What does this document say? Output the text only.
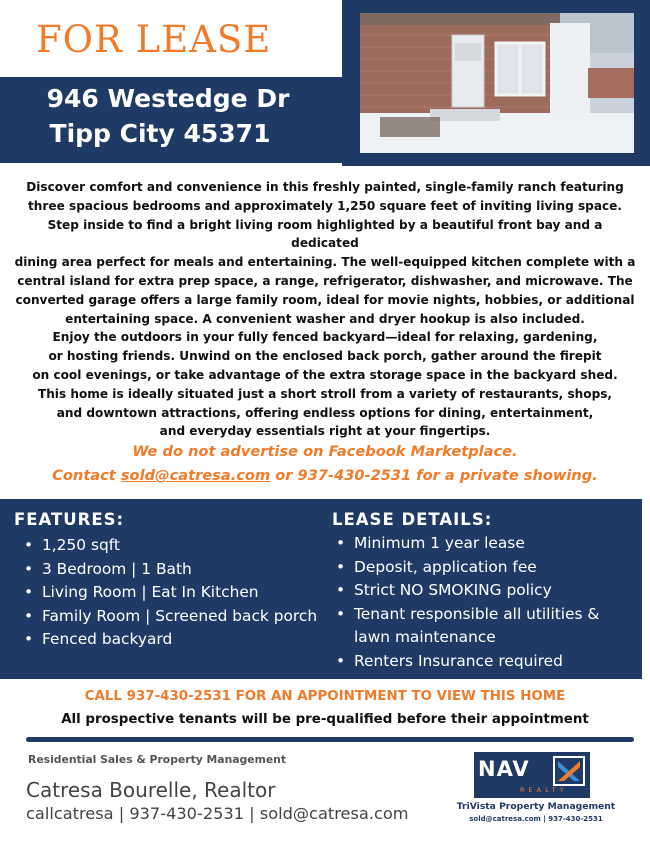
FOR LEASE
946 Westedge Dr
Tipp City 45371
Discover comfort and convenience in this freshly painted, single-family ranch featuring
three spacious bedrooms and approximately 1,250 square feet of inviting living space.
Step inside to find a bright living room highlighted by a beautiful front bay and a dedicated
dining area perfect for meals and entertaining. The well-equipped kitchen complete with a
central island for extra prep space, a range, refrigerator, dishwasher, and microwave. The
converted garage offers a large family room, ideal for movie nights, hobbies, or additional
entertaining space. A convenient washer and dryer hookup is also included.
Enjoy the outdoors in your fully fenced backyard—ideal for relaxing, gardening,
or hosting friends. Unwind on the enclosed back porch, gather around the firepit
on cool evenings, or take advantage of the extra storage space in the backyard shed.
This home is ideally situated just a short stroll from a variety of restaurants, shops,
and downtown attractions, offering endless options for dining, entertainment,
and everyday essentials right at your fingertips.
We do not advertise on Facebook Marketplace.
Contact sold@catresa.com or 937-430-2531 for a private showing.
FEATURES:	LEASE DETAILS:
• 1,250 sqft
• 3 Bedroom | 1 Bath
• Living Room | Eat In Kitchen
• Family Room | Screened back porch
• Fenced backyard
• Minimum 1 year lease
• Deposit, application fee
• Strict NO SMOKING policy
• Tenant responsible all utilities & lawn maintenance
• Renters Insurance required
CALL 937-430-2531 FOR AN APPOINTMENT TO VIEW THIS HOME
All prospective tenants will be pre-qualified before their appointment
Residential Sales & Property Management
Catresa Bourelle, Realtor
callcatresa | 937-430-2531 | sold@catresa.com
NAV
REALTY
TriVista Property Management
sold@catresa.com | 937-430-2531
